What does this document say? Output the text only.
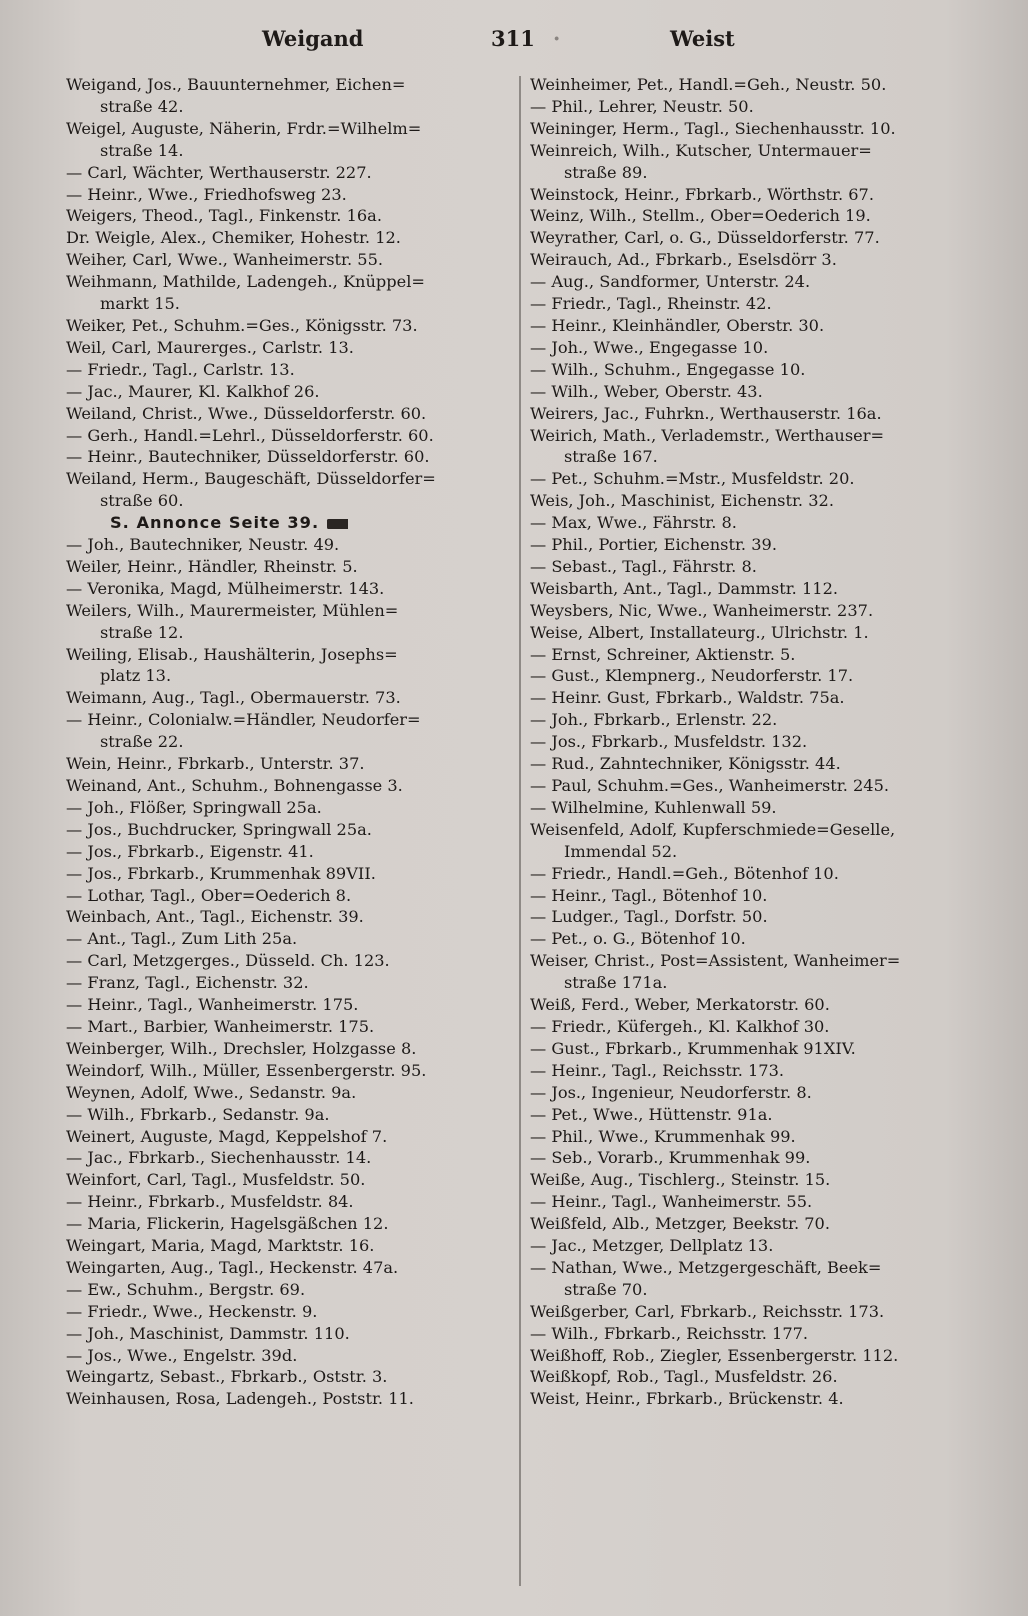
Weigand	311 ·	Weist
Weigand, Jos., Bauunternehmer, Eichen=
straße 42.
Weigel, Auguste, Näherin, Frdr.=Wilhelm=
straße 14.
— Carl, Wächter, Werthauserstr. 227.
— Heinr., Wwe., Friedhofsweg 23.
Weigers, Theod., Tagl., Finkenstr. 16a.
Dr. Weigle, Alex., Chemiker, Hohestr. 12.
Weiher, Carl, Wwe., Wanheimerstr. 55.
Weihmann, Mathilde, Ladengeh., Knüppel=
markt 15.
Weiker, Pet., Schuhm.=Ges., Königsstr. 73.
Weil, Carl, Maurerges., Carlstr. 13.
— Friedr., Tagl., Carlstr. 13.
— Jac., Maurer, Kl. Kalkhof 26.
Weiland, Christ., Wwe., Düsseldorferstr. 60.
— Gerh., Handl.=Lehrl., Düsseldorferstr. 60.
— Heinr., Bautechniker, Düsseldorferstr. 60.
Weiland, Herm., Baugeschäft, Düsseldorfer=
straße 60.
S. Annonce Seite 39.
— Joh., Bautechniker, Neustr. 49.
Weiler, Heinr., Händler, Rheinstr. 5.
— Veronika, Magd, Mülheimerstr. 143.
Weilers, Wilh., Maurermeister, Mühlen=
straße 12.
Weiling, Elisab., Haushälterin, Josephs=
platz 13.
Weimann, Aug., Tagl., Obermauerstr. 73.
— Heinr., Colonialw.=Händler, Neudorfer=
straße 22.
Wein, Heinr., Fbrkarb., Unterstr. 37.
Weinand, Ant., Schuhm., Bohnengasse 3.
— Joh., Flößer, Springwall 25a.
— Jos., Buchdrucker, Springwall 25a.
— Jos., Fbrkarb., Eigenstr. 41.
— Jos., Fbrkarb., Krummenhak 89VII.
— Lothar, Tagl., Ober=Oederich 8.
Weinbach, Ant., Tagl., Eichenstr. 39.
— Ant., Tagl., Zum Lith 25a.
— Carl, Metzgerges., Düsseld. Ch. 123.
— Franz, Tagl., Eichenstr. 32.
— Heinr., Tagl., Wanheimerstr. 175.
— Mart., Barbier, Wanheimerstr. 175.
Weinberger, Wilh., Drechsler, Holzgasse 8.
Weindorf, Wilh., Müller, Essenbergerstr. 95.
Weynen, Adolf, Wwe., Sedanstr. 9a.
— Wilh., Fbrkarb., Sedanstr. 9a.
Weinert, Auguste, Magd, Keppelshof 7.
— Jac., Fbrkarb., Siechenhausstr. 14.
Weinfort, Carl, Tagl., Musfeldstr. 50.
— Heinr., Fbrkarb., Musfeldstr. 84.
— Maria, Flickerin, Hagelsgäßchen 12.
Weingart, Maria, Magd, Marktstr. 16.
Weingarten, Aug., Tagl., Heckenstr. 47a.
— Ew., Schuhm., Bergstr. 69.
— Friedr., Wwe., Heckenstr. 9.
— Joh., Maschinist, Dammstr. 110.
— Jos., Wwe., Engelstr. 39d.
Weingartz, Sebast., Fbrkarb., Oststr. 3.
Weinhausen, Rosa, Ladengeh., Poststr. 11.
Weinheimer, Pet., Handl.=Geh., Neustr. 50.
— Phil., Lehrer, Neustr. 50.
Weininger, Herm., Tagl., Siechenhausstr. 10.
Weinreich, Wilh., Kutscher, Untermauer=
straße 89.
Weinstock, Heinr., Fbrkarb., Wörthstr. 67.
Weinz, Wilh., Stellm., Ober=Oederich 19.
Weyrather, Carl, o. G., Düsseldorferstr. 77.
Weirauch, Ad., Fbrkarb., Eselsdörr 3.
— Aug., Sandformer, Unterstr. 24.
— Friedr., Tagl., Rheinstr. 42.
— Heinr., Kleinhändler, Oberstr. 30.
— Joh., Wwe., Engegasse 10.
— Wilh., Schuhm., Engegasse 10.
— Wilh., Weber, Oberstr. 43.
Weirers, Jac., Fuhrkn., Werthauserstr. 16a.
Weirich, Math., Verlademstr., Werthauser=
straße 167.
— Pet., Schuhm.=Mstr., Musfeldstr. 20.
Weis, Joh., Maschinist, Eichenstr. 32.
— Max, Wwe., Fährstr. 8.
— Phil., Portier, Eichenstr. 39.
— Sebast., Tagl., Fährstr. 8.
Weisbarth, Ant., Tagl., Dammstr. 112.
Weysbers, Nic, Wwe., Wanheimerstr. 237.
Weise, Albert, Installateurg., Ulrichstr. 1.
— Ernst, Schreiner, Aktienstr. 5.
— Gust., Klempnerg., Neudorferstr. 17.
— Heinr. Gust, Fbrkarb., Waldstr. 75a.
— Joh., Fbrkarb., Erlenstr. 22.
— Jos., Fbrkarb., Musfeldstr. 132.
— Rud., Zahntechniker, Königsstr. 44.
— Paul, Schuhm.=Ges., Wanheimerstr. 245.
— Wilhelmine, Kuhlenwall 59.
Weisenfeld, Adolf, Kupferschmiede=Geselle,
Immendal 52.
— Friedr., Handl.=Geh., Bötenhof 10.
— Heinr., Tagl., Bötenhof 10.
— Ludger., Tagl., Dorfstr. 50.
— Pet., o. G., Bötenhof 10.
Weiser, Christ., Post=Assistent, Wanheimer=
straße 171a.
Weiß, Ferd., Weber, Merkatorstr. 60.
— Friedr., Küfergeh., Kl. Kalkhof 30.
— Gust., Fbrkarb., Krummenhak 91XIV.
— Heinr., Tagl., Reichsstr. 173.
— Jos., Ingenieur, Neudorferstr. 8.
— Pet., Wwe., Hüttenstr. 91a.
— Phil., Wwe., Krummenhak 99.
— Seb., Vorarb., Krummenhak 99.
Weiße, Aug., Tischlerg., Steinstr. 15.
— Heinr., Tagl., Wanheimerstr. 55.
Weißfeld, Alb., Metzger, Beekstr. 70.
— Jac., Metzger, Dellplatz 13.
— Nathan, Wwe., Metzgergeschäft, Beek=
straße 70.
Weißgerber, Carl, Fbrkarb., Reichsstr. 173.
— Wilh., Fbrkarb., Reichsstr. 177.
Weißhoff, Rob., Ziegler, Essenbergerstr. 112.
Weißkopf, Rob., Tagl., Musfeldstr. 26.
Weist, Heinr., Fbrkarb., Brückenstr. 4.
